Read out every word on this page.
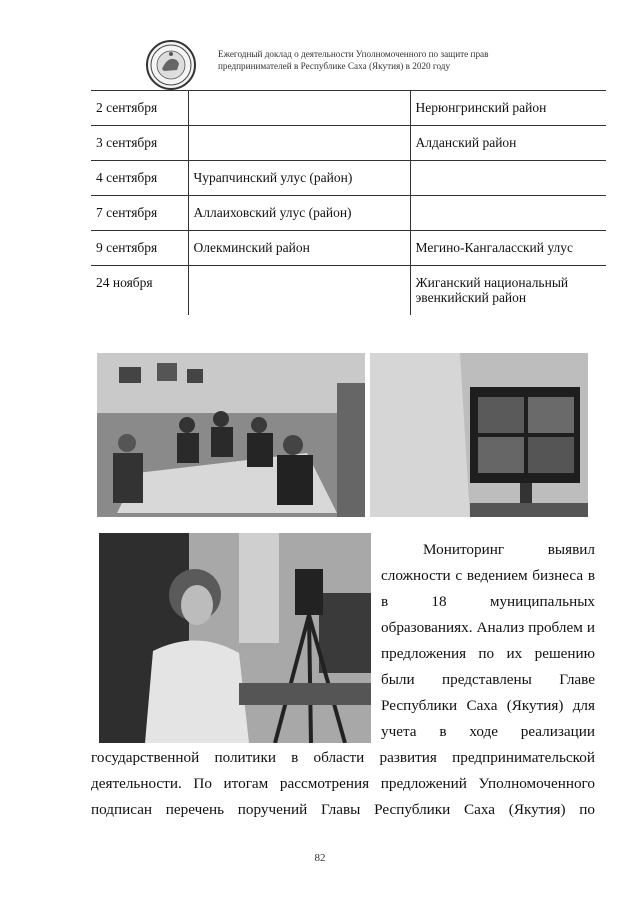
Ежегодный доклад о деятельности Уполномоченного по защите прав
предпринимателей в Республике Саха (Якутия) в 2020 году
2 сентября		Нерюнгринский район
3 сентября		Алданский район
4 сентября	Чурапчинский улус (район)	
7 сентября	Аллаиховский улус (район)	
9 сентября	Олекминский район	Мегино-Кангаласский улус
24 ноября		Жиганский национальный эвенкийский район
Мониторинг выявил
сложности с ведением бизнеса в
в 18 муниципальных
образованиях. Анализ проблем и
предложения по их решению
были представлены Главе
Республики Саха (Якутия) для
учета в ходе реализации
государственной политики в области развития предпринимательской
деятельности. По итогам рассмотрения предложений Уполномоченного
подписан перечень поручений Главы Республики Саха (Якутия) по
82
